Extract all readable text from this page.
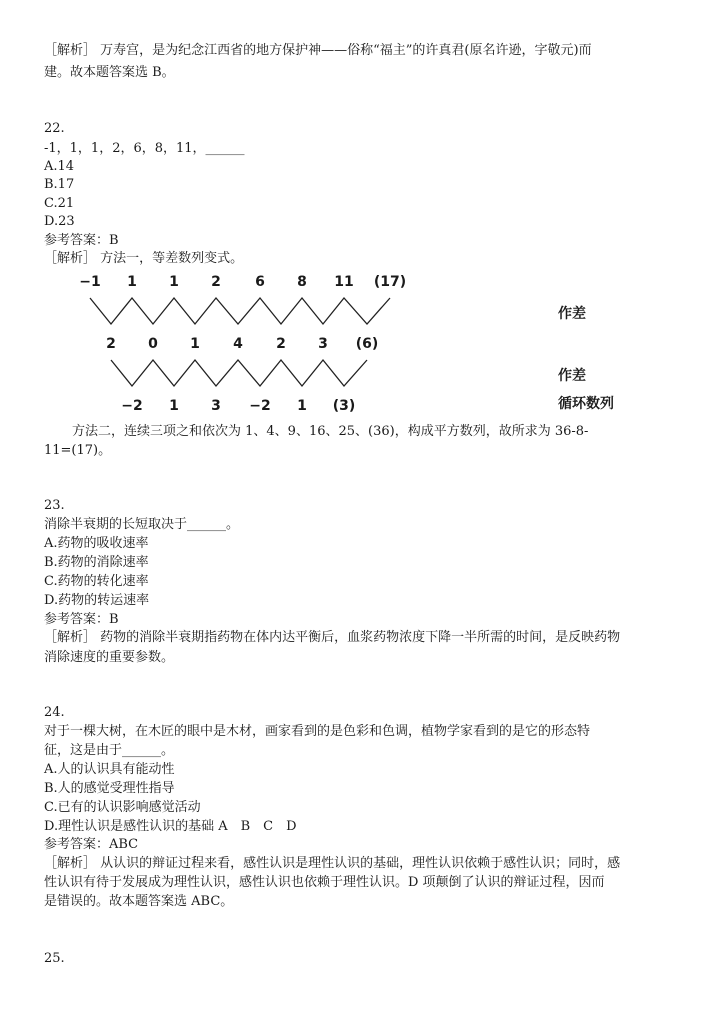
［解析］ 万寿宫，是为纪念江西省的地方保护神——俗称“福主”的许真君(原名许逊，字敬元)而
建。故本题答案选 B。
22.
-1，1，1，2，6，8，11，______
A.14
B.17
C.21
D.23
参考答案：B
［解析］ 方法一，等差数列变式。
−1 1 1 2 6 8 11 (17)
2 0 1 4 2 3 (6)
−2 1 3 −2 1 (3)
作差
作差
循环数列
方法二，连续三项之和依次为 1、4、9、16、25、(36)，构成平方数列，故所求为 36-8-
11=(17)。
23.
消除半衰期的长短取决于______。
A.药物的吸收速率
B.药物的消除速率
C.药物的转化速率
D.药物的转运速率
参考答案：B
［解析］ 药物的消除半衰期指药物在体内达平衡后，血浆药物浓度下降一半所需的时间，是反映药物
消除速度的重要参数。
24.
对于一棵大树，在木匠的眼中是木材，画家看到的是色彩和色调，植物学家看到的是它的形态特
征，这是由于______。
A.人的认识具有能动性
B.人的感觉受理性指导
C.已有的认识影响感觉活动
D.理性认识是感性认识的基础 A　B　C　D
参考答案：ABC
［解析］ 从认识的辩证过程来看，感性认识是理性认识的基础，理性认识依赖于感性认识；同时，感
性认识有待于发展成为理性认识，感性认识也依赖于理性认识。D 项颠倒了认识的辩证过程，因而
是错误的。故本题答案选 ABC。
25.
